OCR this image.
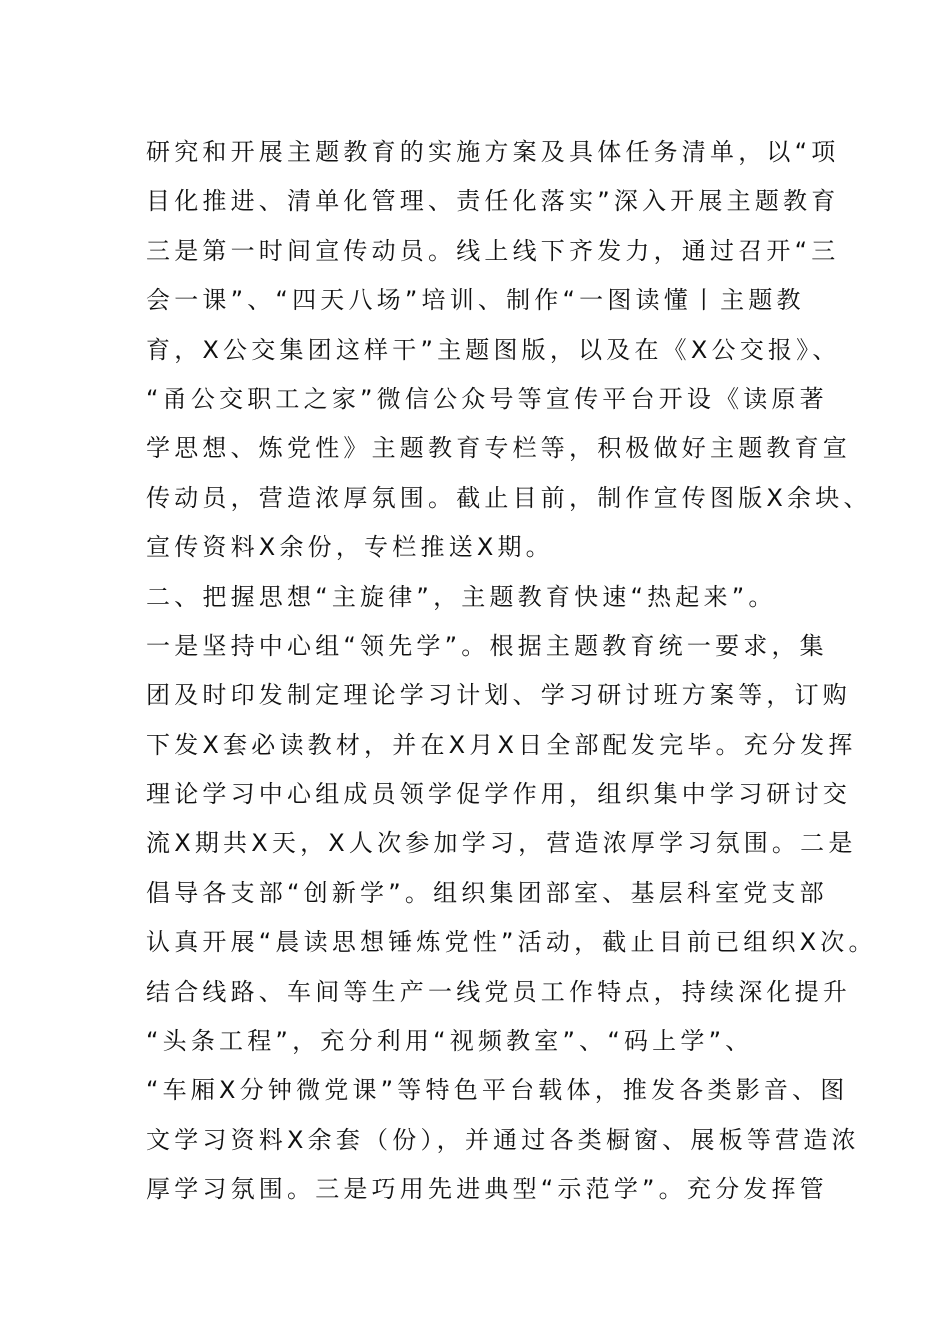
研究和开展主题教育的实施方案及具体任务清单，以“项
目化推进、清单化管理、责任化落实”深入开展主题教育
三是第一时间宣传动员。线上线下齐发力，通过召开“三
会一课”、“四天八场”培训、制作“一图读懂丨主题教
育，X公交集团这样干”主题图版，以及在《X公交报》、
“甬公交职工之家”微信公众号等宣传平台开设《读原著
学思想、炼党性》主题教育专栏等，积极做好主题教育宣
传动员，营造浓厚氛围。截止目前，制作宣传图版X余块、
宣传资料X余份，专栏推送X期。
二、把握思想“主旋律”，主题教育快速“热起来”。
一是坚持中心组“领先学”。根据主题教育统一要求，集
团及时印发制定理论学习计划、学习研讨班方案等，订购
下发X套必读教材，并在X月X日全部配发完毕。充分发挥
理论学习中心组成员领学促学作用，组织集中学习研讨交
流X期共X天，X人次参加学习，营造浓厚学习氛围。二是
倡导各支部“创新学”。组织集团部室、基层科室党支部
认真开展“晨读思想锤炼党性”活动，截止目前已组织X次。
结合线路、车间等生产一线党员工作特点，持续深化提升
“头条工程”，充分利用“视频教室”、“码上学”、
“车厢X分钟微党课”等特色平台载体，推发各类影音、图
文学习资料X余套（份），并通过各类橱窗、展板等营造浓
厚学习氛围。三是巧用先进典型“示范学”。充分发挥管
